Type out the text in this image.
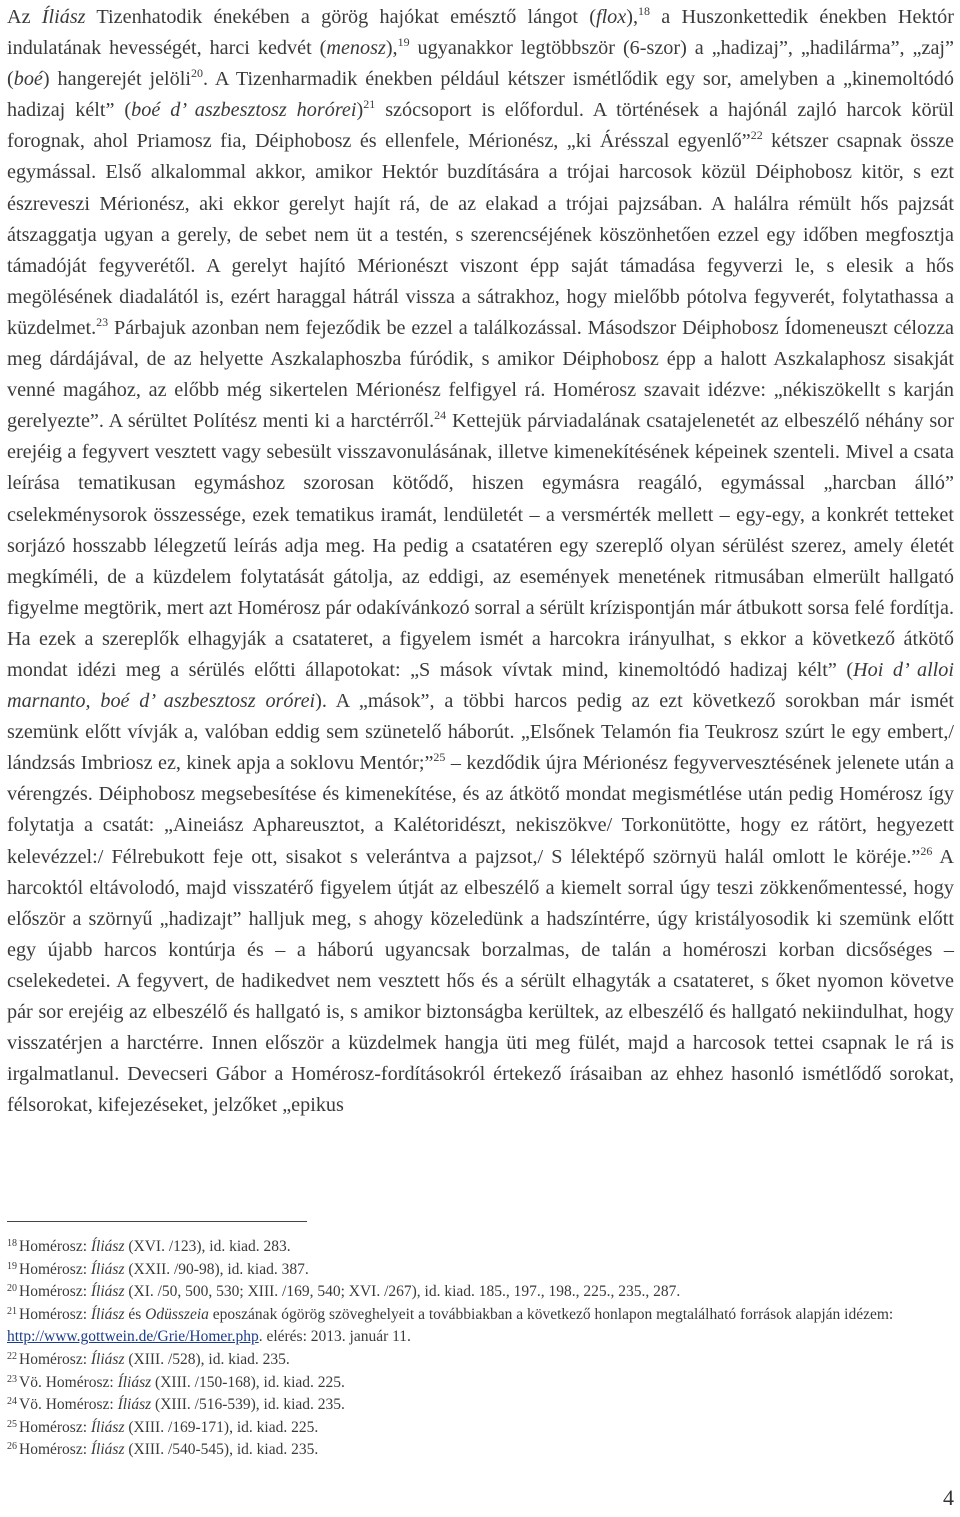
Az Íliász Tizenhatodik énekében a görög hajókat emésztő lángot (flox),$^{18}$ a Huszonkettedik énekben Hektór indulatának hevességét, harci kedvét (menosz),$^{19}$ ugyanakkor legtöbbször (6-szor) a „hadizaj”, „hadilárma”, „zaj” (boé) hangerejét jelöli$^{20}$. A Tizenharmadik énekben például kétszer ismétlődik egy sor, amelyben a „kinemoltódó hadizaj kélt” (boé d’ aszbesztosz horórei)$^{21}$ szócsoport is előfordul. A történések a hajónál zajló harcok körül forognak, ahol Priamosz fia, Déiphobosz és ellenfele, Mérionész, „ki Árésszal egyenlő”$^{22}$ kétszer csapnak össze egymással. Első alkalommal akkor, amikor Hektór buzdítására a trójai harcosok közül Déiphobosz kitör, s ezt észreveszi Mérionész, aki ekkor gerelyt hajít rá, de az elakad a trójai pajzsában. A halálra rémült hős pajzsát átszaggatja ugyan a gerely, de sebet nem üt a testén, s szerencséjének köszönhetően ezzel egy időben megfosztja támadóját fegyverétől. A gerelyt hajító Mérionészt viszont épp saját támadása fegyverzi le, s elesik a hős megölésének diadalától is, ezért haraggal hátrál vissza a sátrakhoz, hogy mielőbb pótolva fegyverét, folytathassa a küzdelmet.$^{23}$ Párbajuk azonban nem fejeződik be ezzel a találkozással. Másodszor Déiphobosz Ídomeneuszt célozza meg dárdájával, de az helyette Aszkalaphoszba fúródik, s amikor Déiphobosz épp a halott Aszkalaphosz sisakját venné magához, az előbb még sikertelen Mérionész felfigyel rá. Homérosz szavait idézve: „nékiszökellt s karján gerelyezte”. A sérültet Polítész menti ki a harctérről.$^{24}$ Kettejük párviadalának csatajelenetét az elbeszélő néhány sor erejéig a fegyvert vesztett vagy sebesült visszavonulásának, illetve kimenekítésének képeinek szenteli. Mivel a csata leírása tematikusan egymáshoz szorosan kötődő, hiszen egymásra reagáló, egymással „harcban álló” cselekménysorok összessége, ezek tematikus iramát, lendületét – a versmérték mellett – egy-egy, a konkrét tetteket sorjázó hosszabb lélegzetű leírás adja meg. Ha pedig a csatatéren egy szereplő olyan sérülést szerez, amely életét megkíméli, de a küzdelem folytatását gátolja, az eddigi, az események menetének ritmusában elmerült hallgató figyelme megtörik, mert azt Homérosz pár odakívánkozó sorral a sérült krízispontján már átbukott sorsa felé fordítja. Ha ezek a szereplők elhagyják a csatateret, a figyelem ismét a harcokra irányulhat, s ekkor a következő átkötő mondat idézi meg a sérülés előtti állapotokat: „S mások vívtak mind, kinemoltódó hadizaj kélt” (Hoi d’ alloi marnanto, boé d’ aszbesztosz orórei). A „mások”, a többi harcos pedig az ezt következő sorokban már ismét szemünk előtt vívják a, valóban eddig sem szünetelő háborút. „Elsőnek Telamón fia Teukrosz szúrt le egy embert,/ lándzsás Imbriosz ez, kinek apja a soklovu Mentór;”$^{25}$ – kezdődik újra Mérionész fegyvervesztésének jelenete után a vérengzés. Déiphobosz megsebesítése és kimenekítése, és az átkötő mondat megismétlése után pedig Homérosz így folytatja a csatát: „Aineiász Aphareusztot, a Kalétoridészt, nekiszökve/ Torkonütötte, hogy ez rátört, hegyezett kelevézzel:/ Félrebukott feje ott, sisakot s velerántva a pajzsot,/ S lélektépő szörnyü halál omlott le köréje.”$^{26}$ A harcoktól eltávolodó, majd visszatérő figyelem útját az elbeszélő a kiemelt sorral úgy teszi zökkenőmentessé, hogy először a szörnyű „hadizajt” halljuk meg, s ahogy közeledünk a hadszíntérre, úgy kristályosodik ki szemünk előtt egy újabb harcos kontúrja és – a háború ugyancsak borzalmas, de talán a homéroszi korban dicsőséges – cselekedetei. A fegyvert, de hadikedvet nem vesztett hős és a sérült elhagyták a csatateret, s őket nyomon követve pár sor erejéig az elbeszélő és hallgató is, s amikor biztonságba kerültek, az elbeszélő és hallgató nekiindulhat, hogy visszatérjen a harctérre. Innen először a küzdelmek hangja üti meg fülét, majd a harcosok tettei csapnak le rá is irgalmatlanul. Devecseri Gábor a Homérosz-fordításokról értekező írásaiban az ehhez hasonló ismétlődő sorokat, félsorokat, kifejezéseket, jelzőket „epikus

$^{18}$ Homérosz: Íliász (XVI. /123), id. kiad. 283.

$^{19}$ Homérosz: Íliász (XXII. /90-98), id. kiad. 387.

$^{20}$ Homérosz: Íliász (XI. /50, 500, 530; XIII. /169, 540; XVI. /267), id. kiad. 185., 197., 198., 225., 235., 287.

$^{21}$ Homérosz: Íliász és Odüsszeia eposzának ógörög szöveghelyeit a továbbiakban a következő honlapon megtalálható források alapján idézem: http://www.gottwein.de/Grie/Homer.php. elérés: 2013. január 11.

$^{22}$ Homérosz: Íliász (XIII. /528), id. kiad. 235.

$^{23}$ Vö. Homérosz: Íliász (XIII. /150-168), id. kiad. 225.

$^{24}$ Vö. Homérosz: Íliász (XIII. /516-539), id. kiad. 235.

$^{25}$ Homérosz: Íliász (XIII. /169-171), id. kiad. 225.

$^{26}$ Homérosz: Íliász (XIII. /540-545), id. kiad. 235.

4
